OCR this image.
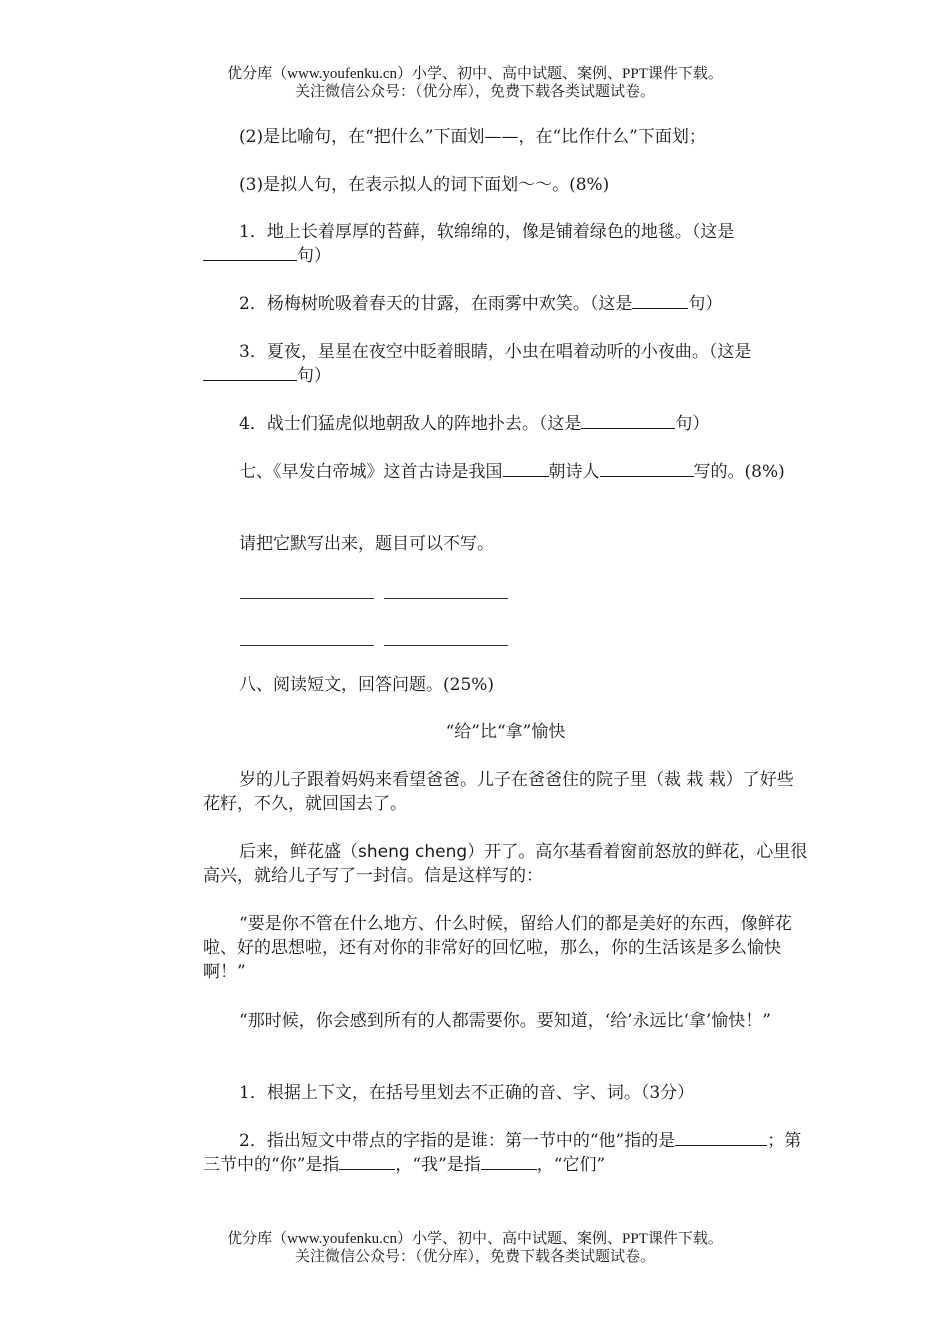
优分库（www.youfenku.cn）小学、初中、高中试题、案例、PPT课件下载。
关注微信公众号：（优分库），免费下载各类试题试卷。

(2)是比喻句，在“把什么”下面划——，在“比作什么”下面划；

(3)是拟人句，在表示拟人的词下面划～～。(8%)

1．地上长着厚厚的苔藓，软绵绵的，像是铺着绿色的地毯。（这是句）

2．杨梅树吮吸着春天的甘露，在雨雾中欢笑。（这是	句）

3．夏夜，星星在夜空中眨着眼睛，小虫在唱着动听的小夜曲。（这是句）

4．战士们猛虎似地朝敌人的阵地扑去。（这是	句）

七、《早发白帝城》这首古诗是我国	朝诗人	写的。(8%)

请把它默写出来，题目可以不写。

八、阅读短文，回答问题。(25%)

“给”比“拿”愉快

岁的儿子跟着妈妈来看望爸爸。儿子在爸爸住的院子里（裁 栽 栽）了好些花籽，不久，就回国去了。

后来，鲜花盛（sheng cheng）开了。高尔基看着窗前怒放的鲜花，心里很高兴，就给儿子写了一封信。信是这样写的：

“要是你不管在什么地方、什么时候，留给人们的都是美好的东西，像鲜花啦、好的思想啦，还有对你的非常好的回忆啦，那么，你的生活该是多么愉快啊！”

“那时候，你会感到所有的人都需要你。要知道，‘给’永远比‘拿’愉快！”

1．根据上下文，在括号里划去不正确的音、字、词。（3分）

2．指出短文中带点的字指的是谁：第一节中的“他”指的是	；第三节中的“你”是指	，“我”是指	，“它们”

优分库（www.youfenku.cn）小学、初中、高中试题、案例、PPT课件下载。
关注微信公众号：（优分库），免费下载各类试题试卷。
